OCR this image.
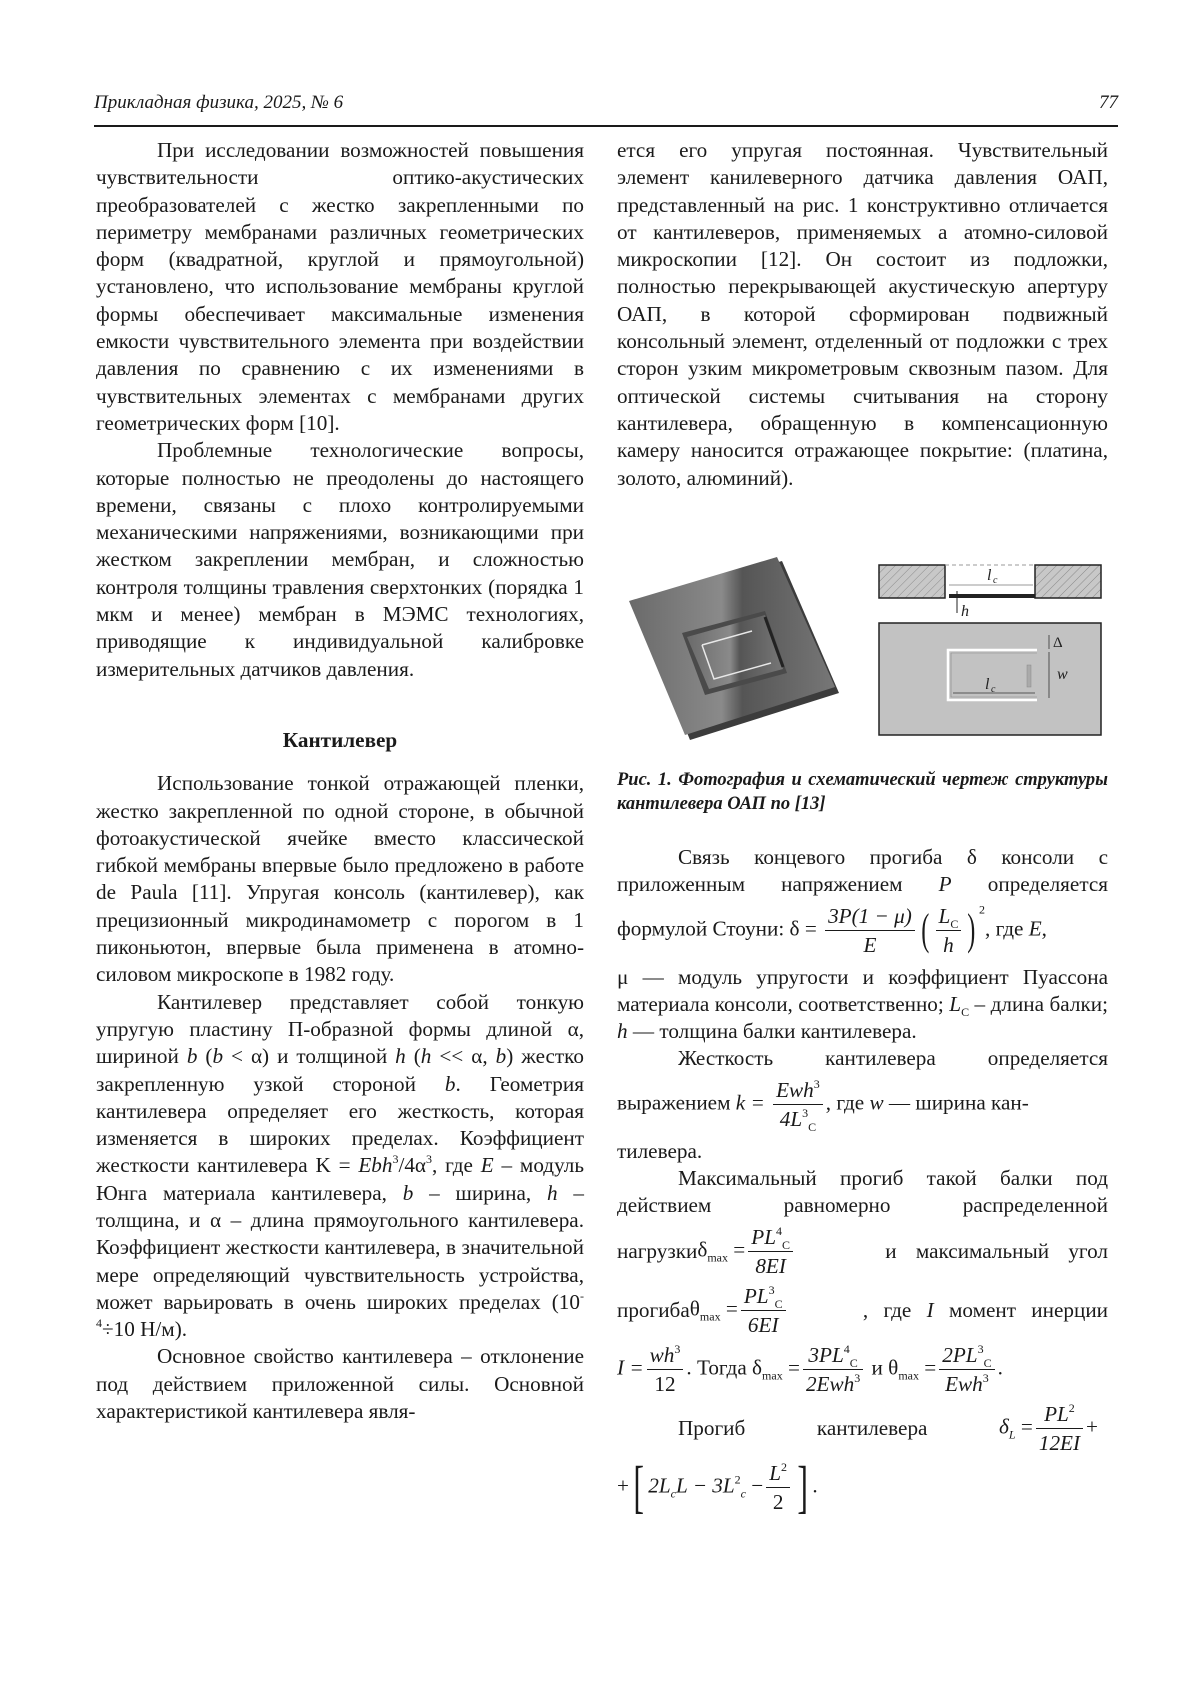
Прикладная физика, 2025, № 6	77

При исследовании возможностей повышения чувствительности оптико-акустических преобразователей с жестко закрепленными по периметру мембранами различных геометрических форм (квадратной, круглой и прямоугольной) установлено, что использование мембраны круглой формы обеспечивает максимальные изменения емкости чувствительного элемента при воздействии давления по сравнению с их изменениями в чувствительных элементах с мембранами других геометрических форм [10].

Проблемные технологические вопросы, которые полностью не преодолены до настоящего времени, связаны с плохо контролируемыми механическими напряжениями, возникающими при жестком закреплении мембран, и сложностью контроля толщины травления сверхтонких (порядка 1 мкм и менее) мембран в МЭМС технологиях, приводящие к индивидуальной калибровке измерительных датчиков давления.

Кантилевер

Использование тонкой отражающей пленки, жестко закрепленной по одной стороне, в обычной фотоакустической ячейке вместо классической гибкой мембраны впервые было предложено в работе de Paula [11]. Упругая консоль (кантилевер), как прецизионный микродинамометр с порогом в 1 пиконьютон, впервые была применена в атомно-силовом микроскопе в 1982 году.

Кантилевер представляет собой тонкую упругую пластину П-образной формы длиной α, шириной b (b < α) и толщиной h (h << α, b) жестко закрепленную узкой стороной b. Геометрия кантилевера определяет его жесткость, которая изменяется в широких пределах. Коэффициент жесткости кантилевера $K = Ebh^3/4\alpha^3$, где E – модуль Юнга материала кантилевера, b – ширина, h – толщина, и α – длина прямоугольного кантилевера. Коэффициент жесткости кантилевера, в значительной мере определяющий чувствительность устройства, может варьировать в очень широких пределах ($10^{-4}\div 10$ Н/м).

Основное свойство кантилевера – отклонение под действием приложенной силы. Основной характеристикой кантилевера явля-

ется его упругая постоянная. Чувствительный элемент канилеверного датчика давления ОАП, представленный на рис. 1 конструктивно отличается от кантилеверов, применяемых а атомно-силовой микроскопии [12]. Он состоит из подложки, полностью перекрывающей акустическую апертуру ОАП, в которой сформирован подвижный консольный элемент, отделенный от подложки с трех сторон узким микрометровым сквозным пазом. Для оптической системы считывания на сторону кантилевера, обращенную в компенсационную камеру наносится отражающее покрытие: (платина, золото, алюминий).

l c
h
Δ
w
l c
Рис. 1. Фотография и схематический чертеж структуры кантилевера ОАП по [13]

Связь концевого прогиба δ консоли с

приложенным напряжением P определяется

формулой Стоуни: $\delta = \frac{3P(1 - \mu)}{E}$ ( $\frac{L_C}{h}$ ) $^2$, где E,

μ — модуль упругости и коэффициент Пуассона материала консоли, соответственно; $L_C$ – длина балки; h — толщина балки кантилевера.

Жесткость кантилевера определяется

выражением $k = \frac{Ewh^3}{4L^3_C}$ , где w — ширина кан-

тилевера.

Максимальный прогиб такой балки под

действием равномерно распределенной

нагрузки $\delta_{max} = \frac{PL^4_C}{8EI}$	и максимальный угол

прогиба $\theta_{max} = \frac{PL^3_C}{6EI}$	, где I момент инерции

$I = \frac{wh^3}{12}$ . Тогда $\delta_{max} = \frac{3PL^4_C}{2Ewh^3}$ и $\theta_{max} = \frac{2PL^3_C}{Ewh^3}$ .

Прогиб	кантилевера	$\delta_L = \frac{PL^2}{12EI}$ +

+[ $2L_cL - 3L^2_c - \frac{L^2}{2}$ ] .
